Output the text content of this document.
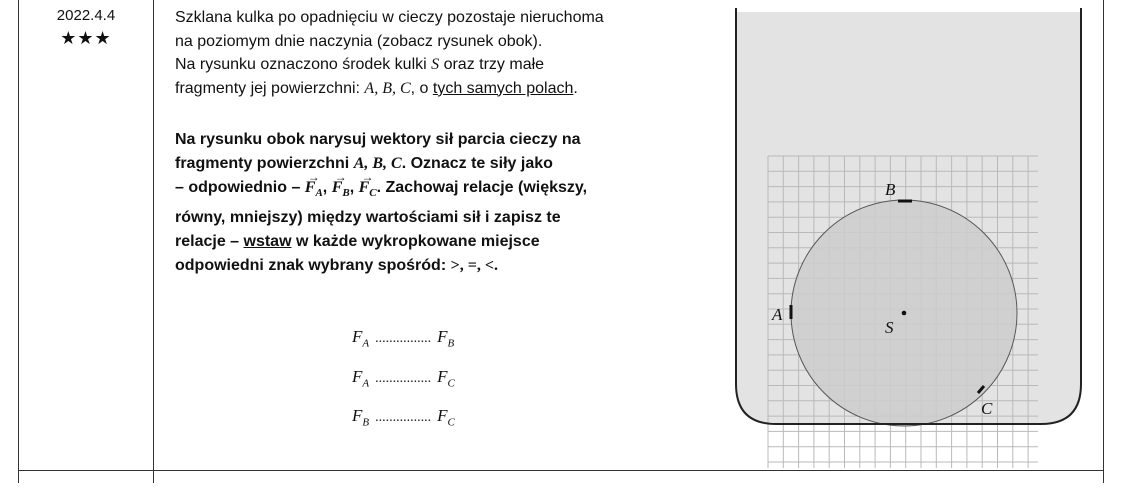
2022.4.4
★★★
Szklana kulka po opadnięciu w cieczy pozostaje nieruchoma
na poziomym dnie naczynia (zobacz rysunek obok).
Na rysunku oznaczono środek kulki S oraz trzy małe
fragmenty jej powierzchni: A, B, C, o tych samych polach.
Na rysunku obok narysuj wektory sił parcia cieczy na
fragmenty powierzchni A, B, C. Oznacz te siły jako
– odpowiednio – → $F_A$, → $F_B$, → $F_C$. Zachowaj relacje (większy,
równy, mniejszy) między wartościami sił i zapisz te
relacje – wstaw w każde wykropkowane miejsce
odpowiedni znak wybrany spośród: >, =, <.
$F_A$ ................ $F_B$
$F_A$ ................ $F_C$
$F_B$ ................ $F_C$
A
B
C
S
